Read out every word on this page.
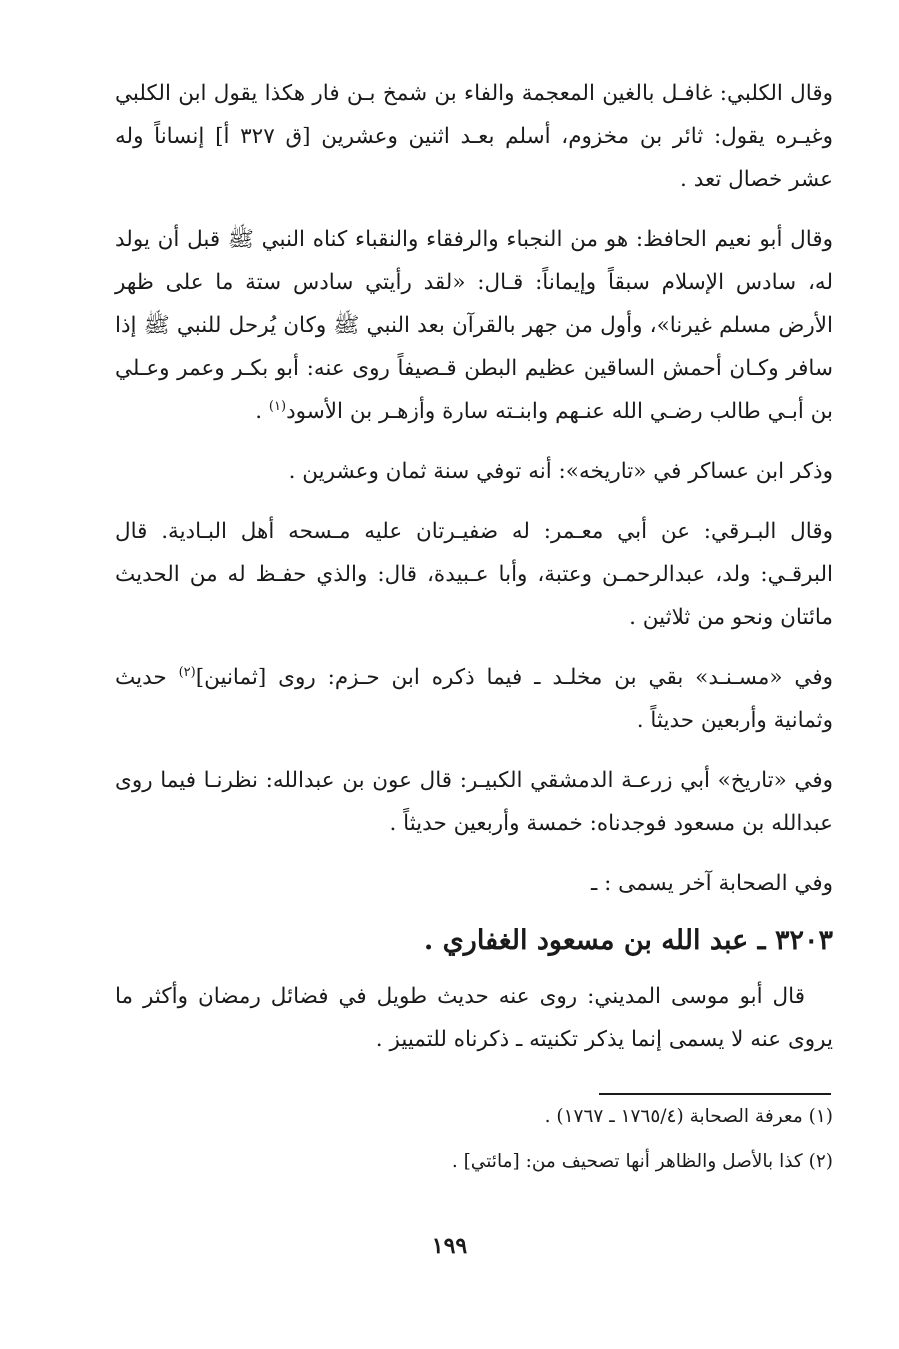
وقال الكلبي: غافـل بالغين المعجمة والفاء بن شمخ بـن فار هكذا يقول ابن الكلبي وغيـره يقول: ثائر بن مخزوم، أسلم بعـد اثنين وعشرين [ق ٣٢٧ أ] إنساناً وله عشر خصال تعد .

وقال أبو نعيم الحافظ: هو من النجباء والرفقاء والنقباء كناه النبي ﷺ قبل أن يولد له، سادس الإسلام سبقاً وإيماناً: قـال: «لقد رأيتي سادس ستة ما على ظهر الأرض مسلم غيرنا»، وأول من جهر بالقرآن بعد النبي ﷺ وكان يُرحل للنبي ﷺ إذا سافر وكـان أحمش الساقين عظيم البطن قـصيفاً روى عنه: أبو بكـر وعمر وعـلي بن أبـي طالب رضـي الله عنـهم وابنـته سارة وأزهـر بن الأسود$^{(١)}$ .

وذكر ابن عساكر في «تاريخه»: أنه توفي سنة ثمان وعشرين .

وقال البـرقي: عن أبي معـمر: له ضفيـرتان عليه مـسحه أهل البـادية. قال البرقـي: ولد، عبدالرحمـن وعتبة، وأبا عـبيدة، قال: والذي حفـظ له من الحديث مائتان ونحو من ثلاثين .

وفي «مسـنـد» بقي بن مخلـد ـ فيما ذكره ابن حـزم: روى [ثمانين]$^{(٢)}$ حديث وثمانية وأربعين حديثاً .

وفي «تاريخ» أبي زرعـة الدمشقي الكبيـر: قال عون بن عبدالله: نظرنـا فيما روى عبدالله بن مسعود فوجدناه: خمسة وأربعين حديثاً .

وفي الصحابة آخر يسمى : ـ

٣٢٠٣ ـ عبد الله بن مسعود الغفاري .

قال أبو موسى المديني: روى عنه حديث طويل في فضائل رمضان وأكثر ما يروى عنه لا يسمى إنما يذكر تكنيته ـ ذكرناه للتمييز .

(١) معرفة الصحابة (١٧٦٥/٤ ـ ١٧٦٧) .

(٢) كذا بالأصل والظاهر أنها تصحيف من: [مائتي] .

١٩٩
